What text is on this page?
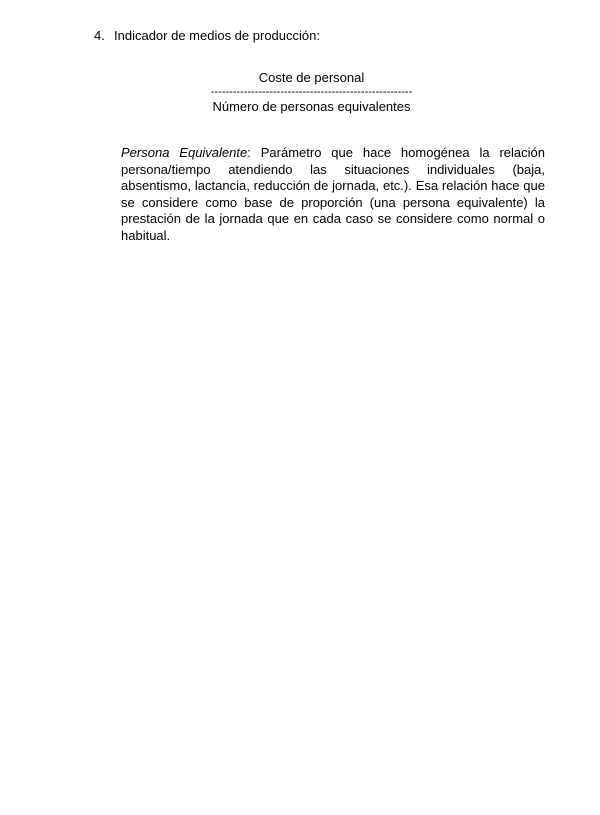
4. Indicador de medios de producción:
Coste de personal
-------------------------------------------------------
Número de personas equivalentes
Persona Equivalente: Parámetro que hace homogénea la relación persona/tiempo atendiendo las situaciones individuales (baja, absentismo, lactancia, reducción de jornada, etc.). Esa relación hace que se considere como base de proporción (una persona equivalente) la prestación de la jornada que en cada caso se considere como normal o habitual.
